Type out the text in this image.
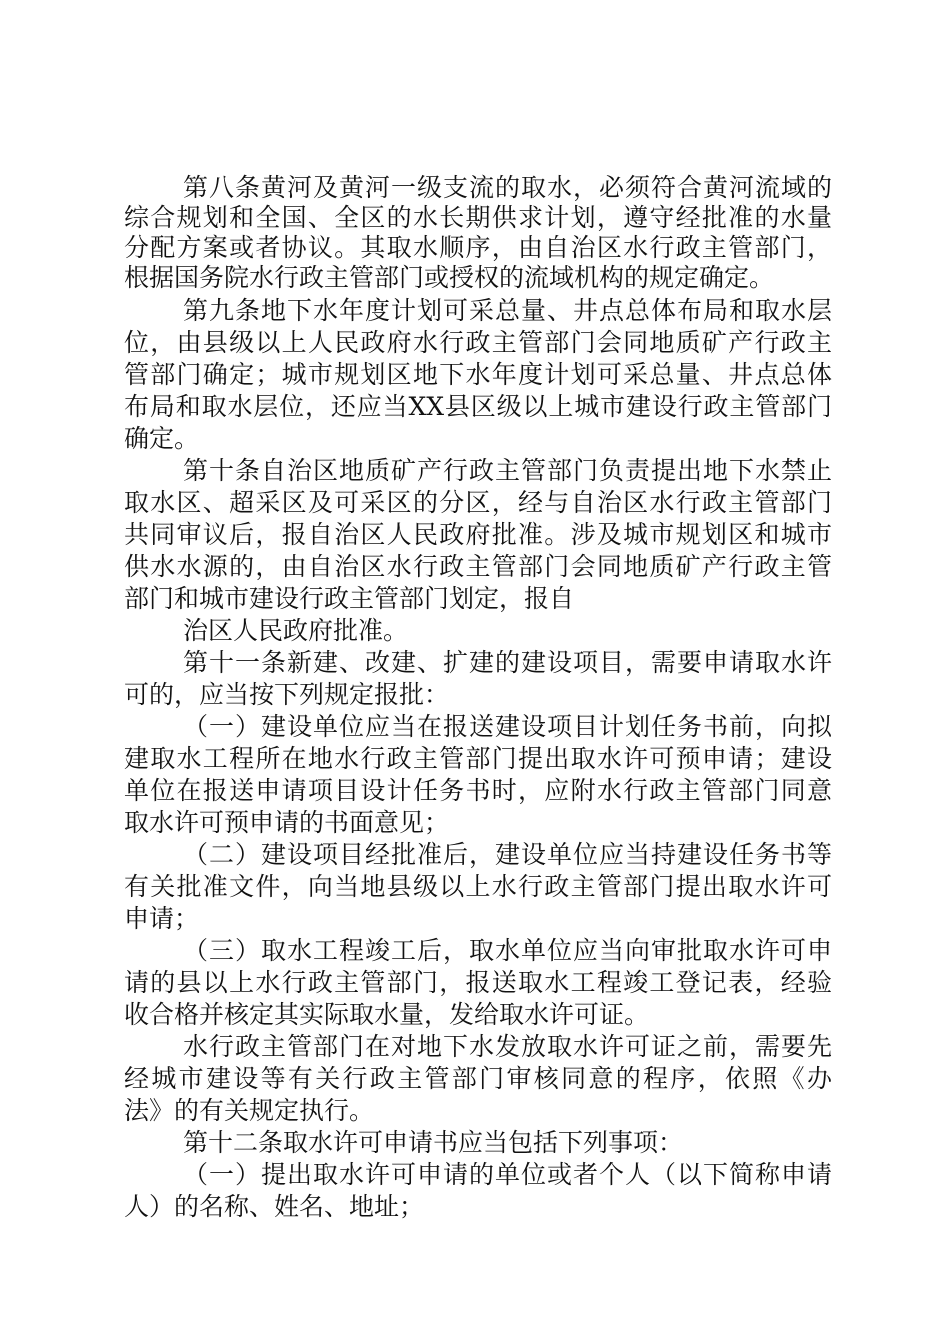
第八条黄河及黄河一级支流的取水，必须符合黄河流域的

综合规划和全国、全区的水长期供求计划，遵守经批准的水量

分配方案或者协议。其取水顺序，由自治区水行政主管部门，

根据国务院水行政主管部门或授权的流域机构的规定确定。

第九条地下水年度计划可采总量、井点总体布局和取水层

位，由县级以上人民政府水行政主管部门会同地质矿产行政主

管部门确定；城市规划区地下水年度计划可采总量、井点总体

布局和取水层位，还应当XX县区级以上城市建设行政主管部门

确定。

第十条自治区地质矿产行政主管部门负责提出地下水禁止

取水区、超采区及可采区的分区，经与自治区水行政主管部门

共同审议后，报自治区人民政府批准。涉及城市规划区和城市

供水水源的，由自治区水行政主管部门会同地质矿产行政主管

部门和城市建设行政主管部门划定，报自

治区人民政府批准。

第十一条新建、改建、扩建的建设项目，需要申请取水许

可的，应当按下列规定报批：

（一）建设单位应当在报送建设项目计划任务书前，向拟

建取水工程所在地水行政主管部门提出取水许可预申请；建设

单位在报送申请项目设计任务书时，应附水行政主管部门同意

取水许可预申请的书面意见；

（二）建设项目经批准后，建设单位应当持建设任务书等

有关批准文件，向当地县级以上水行政主管部门提出取水许可

申请；

（三）取水工程竣工后，取水单位应当向审批取水许可申

请的县以上水行政主管部门，报送取水工程竣工登记表，经验

收合格并核定其实际取水量，发给取水许可证。

水行政主管部门在对地下水发放取水许可证之前，需要先

经城市建设等有关行政主管部门审核同意的程序，依照《办

法》的有关规定执行。

第十二条取水许可申请书应当包括下列事项：

（一）提出取水许可申请的单位或者个人（以下简称申请

人）的名称、姓名、地址；
